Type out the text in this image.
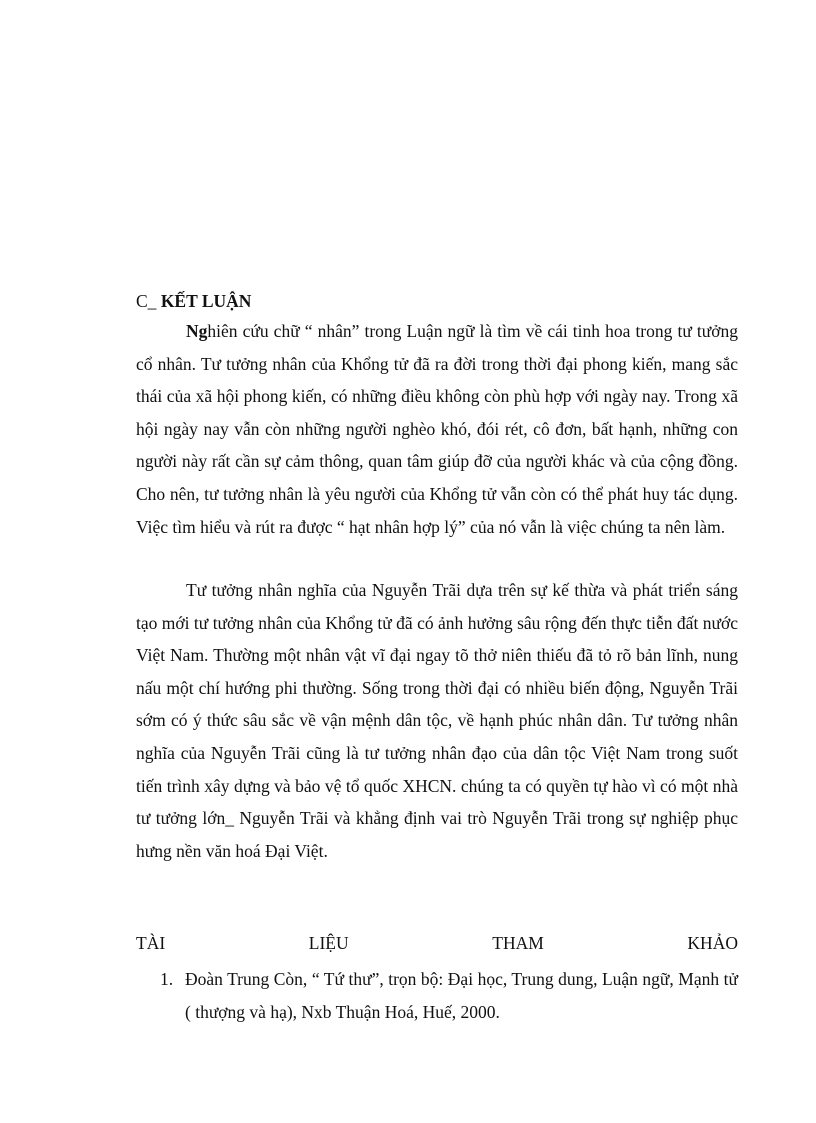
C_ KẾT LUẬN

Nghiên cứu chữ “ nhân” trong Luận ngữ là tìm về cái tinh hoa trong tư tưởng cổ nhân. Tư tưởng nhân của Khổng tử đã ra đời trong thời đại phong kiến, mang sắc thái của xã hội phong kiến, có những điều không còn phù hợp với ngày nay. Trong xã hội ngày nay vẫn còn những người nghèo khó, đói rét, cô đơn, bất hạnh, những con người này rất cần sự cảm thông, quan tâm giúp đỡ của người khác và của cộng đồng. Cho nên, tư tưởng nhân là yêu người của Khổng tử vẫn còn có thể phát huy tác dụng. Việc tìm hiểu và rút ra được “ hạt nhân hợp lý” của nó vẫn là việc chúng ta nên làm.

Tư tưởng nhân nghĩa của Nguyễn Trãi dựa trên sự kế thừa và phát triển sáng tạo mới tư tưởng nhân của Khổng tử đã có ảnh hưởng sâu rộng đến thực tiễn đất nước Việt Nam. Thường một nhân vật vĩ đại ngay tõ thở niên thiếu đã tỏ rõ bản lĩnh, nung nấu một chí hướng phi thường. Sống trong thời đại có nhiều biến động, Nguyễn Trãi sớm có ý thức sâu sắc về vận mệnh dân tộc, về hạnh phúc nhân dân. Tư tưởng nhân nghĩa của Nguyễn Trãi cũng là tư tưởng nhân đạo của dân tộc Việt Nam trong suốt tiến trình xây dựng và bảo vệ tổ quốc XHCN. chúng ta có quyền tự hào vì có một nhà tư tưởng lớn_ Nguyễn Trãi và khẳng định vai trò Nguyễn Trãi trong sự nghiệp phục hưng nền văn hoá Đại Việt.

TÀI	LIỆU	THAM	KHẢO
1. Đoàn Trung Còn, “ Tứ thư”, trọn bộ: Đại học, Trung dung, Luận ngữ, Mạnh tử ( thượng và hạ), Nxb Thuận Hoá, Huế, 2000.
